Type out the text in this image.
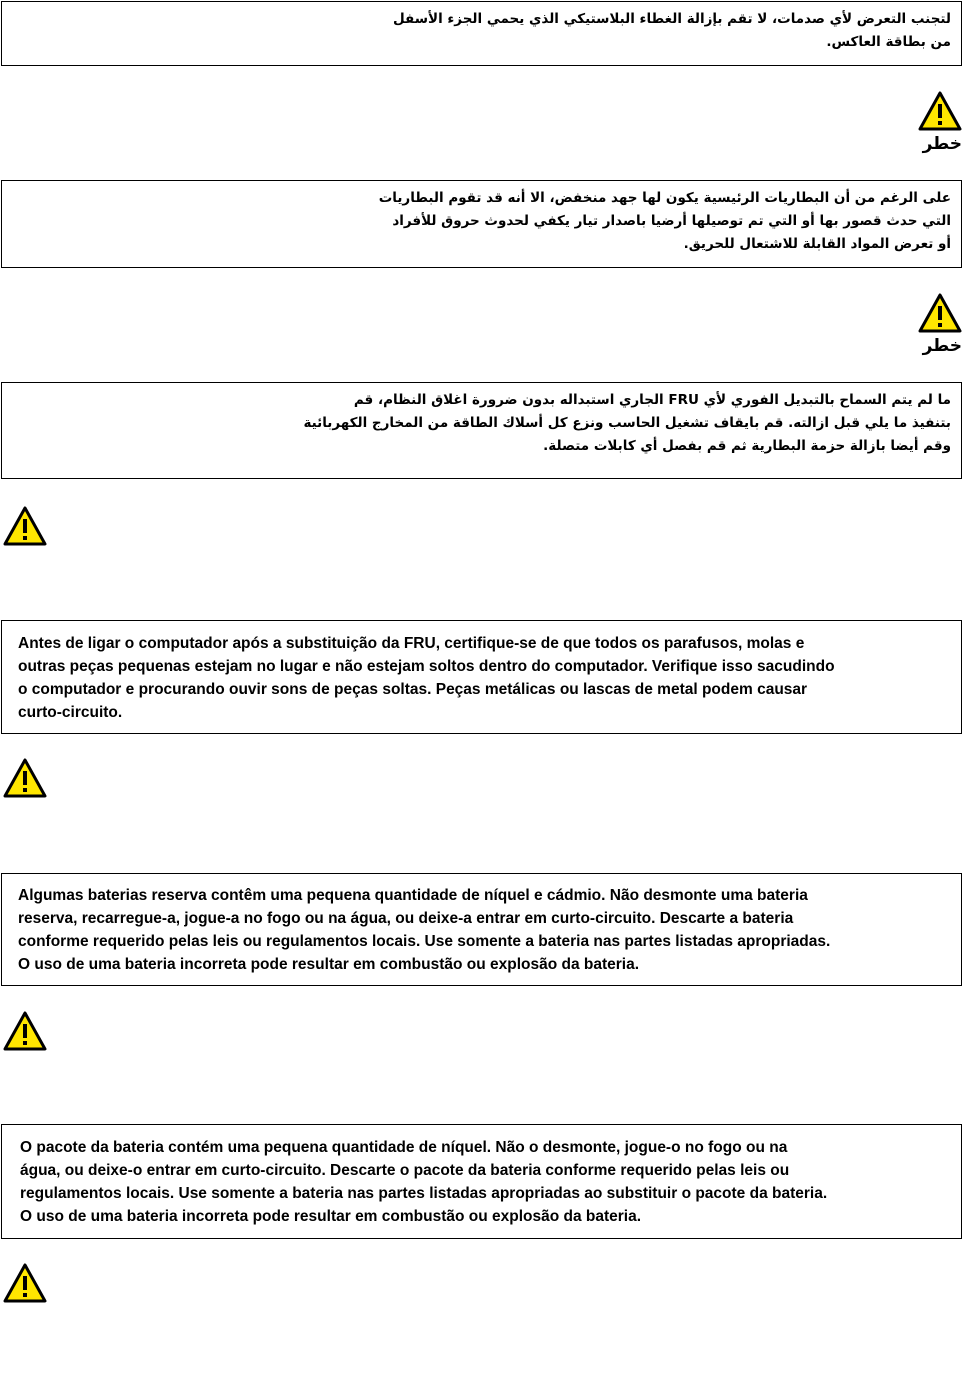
لتجنب التعرض لأي صدمات، لا تقم بإزالة الغطاء البلاستيكي الذي يحمي الجزء الأسفل
من بطاقة العاكس.
خطر
على الرغم من أن البطاريات الرئيسية يكون لها جهد منخفض، الا أنه قد تقوم البطاريات
التي حدث قصور بها أو التي تم توصيلها أرضيا باصدار تيار يكفي لحدوث حروق للأفراد
أو تعرض المواد القابلة للاشتعال للحريق.
خطر
ما لم يتم السماح بالتبديل الفوري لأي FRU الجاري استبداله بدون ضرورة اغلاق النظام، قم
بتنفيذ ما يلي قبل ازالته. قم بايقاف تشغيل الحاسب ونزع كل أسلاك الطاقة من المخارج الكهربائية
وقم أيضا بازالة حزمة البطارية ثم قم بفصل أي كابلات متصلة.
Antes de ligar o computador após a substituição da FRU, certifique-se de que todos os parafusos, molas e
outras peças pequenas estejam no lugar e não estejam soltos dentro do computador. Verifique isso sacudindo
o computador e procurando ouvir sons de peças soltas. Peças metálicas ou lascas de metal podem causar
curto-circuito.
Algumas baterias reserva contêm uma pequena quantidade de níquel e cádmio. Não desmonte uma bateria
reserva, recarregue-a, jogue-a no fogo ou na água, ou deixe-a entrar em curto-circuito. Descarte a bateria
conforme requerido pelas leis ou regulamentos locais. Use somente a bateria nas partes listadas apropriadas.
O uso de uma bateria incorreta pode resultar em combustão ou explosão da bateria.
O pacote da bateria contém uma pequena quantidade de níquel. Não o desmonte, jogue-o no fogo ou na
água, ou deixe-o entrar em curto-circuito. Descarte o pacote da bateria conforme requerido pelas leis ou
regulamentos locais. Use somente a bateria nas partes listadas apropriadas ao substituir o pacote da bateria.
O uso de uma bateria incorreta pode resultar em combustão ou explosão da bateria.
